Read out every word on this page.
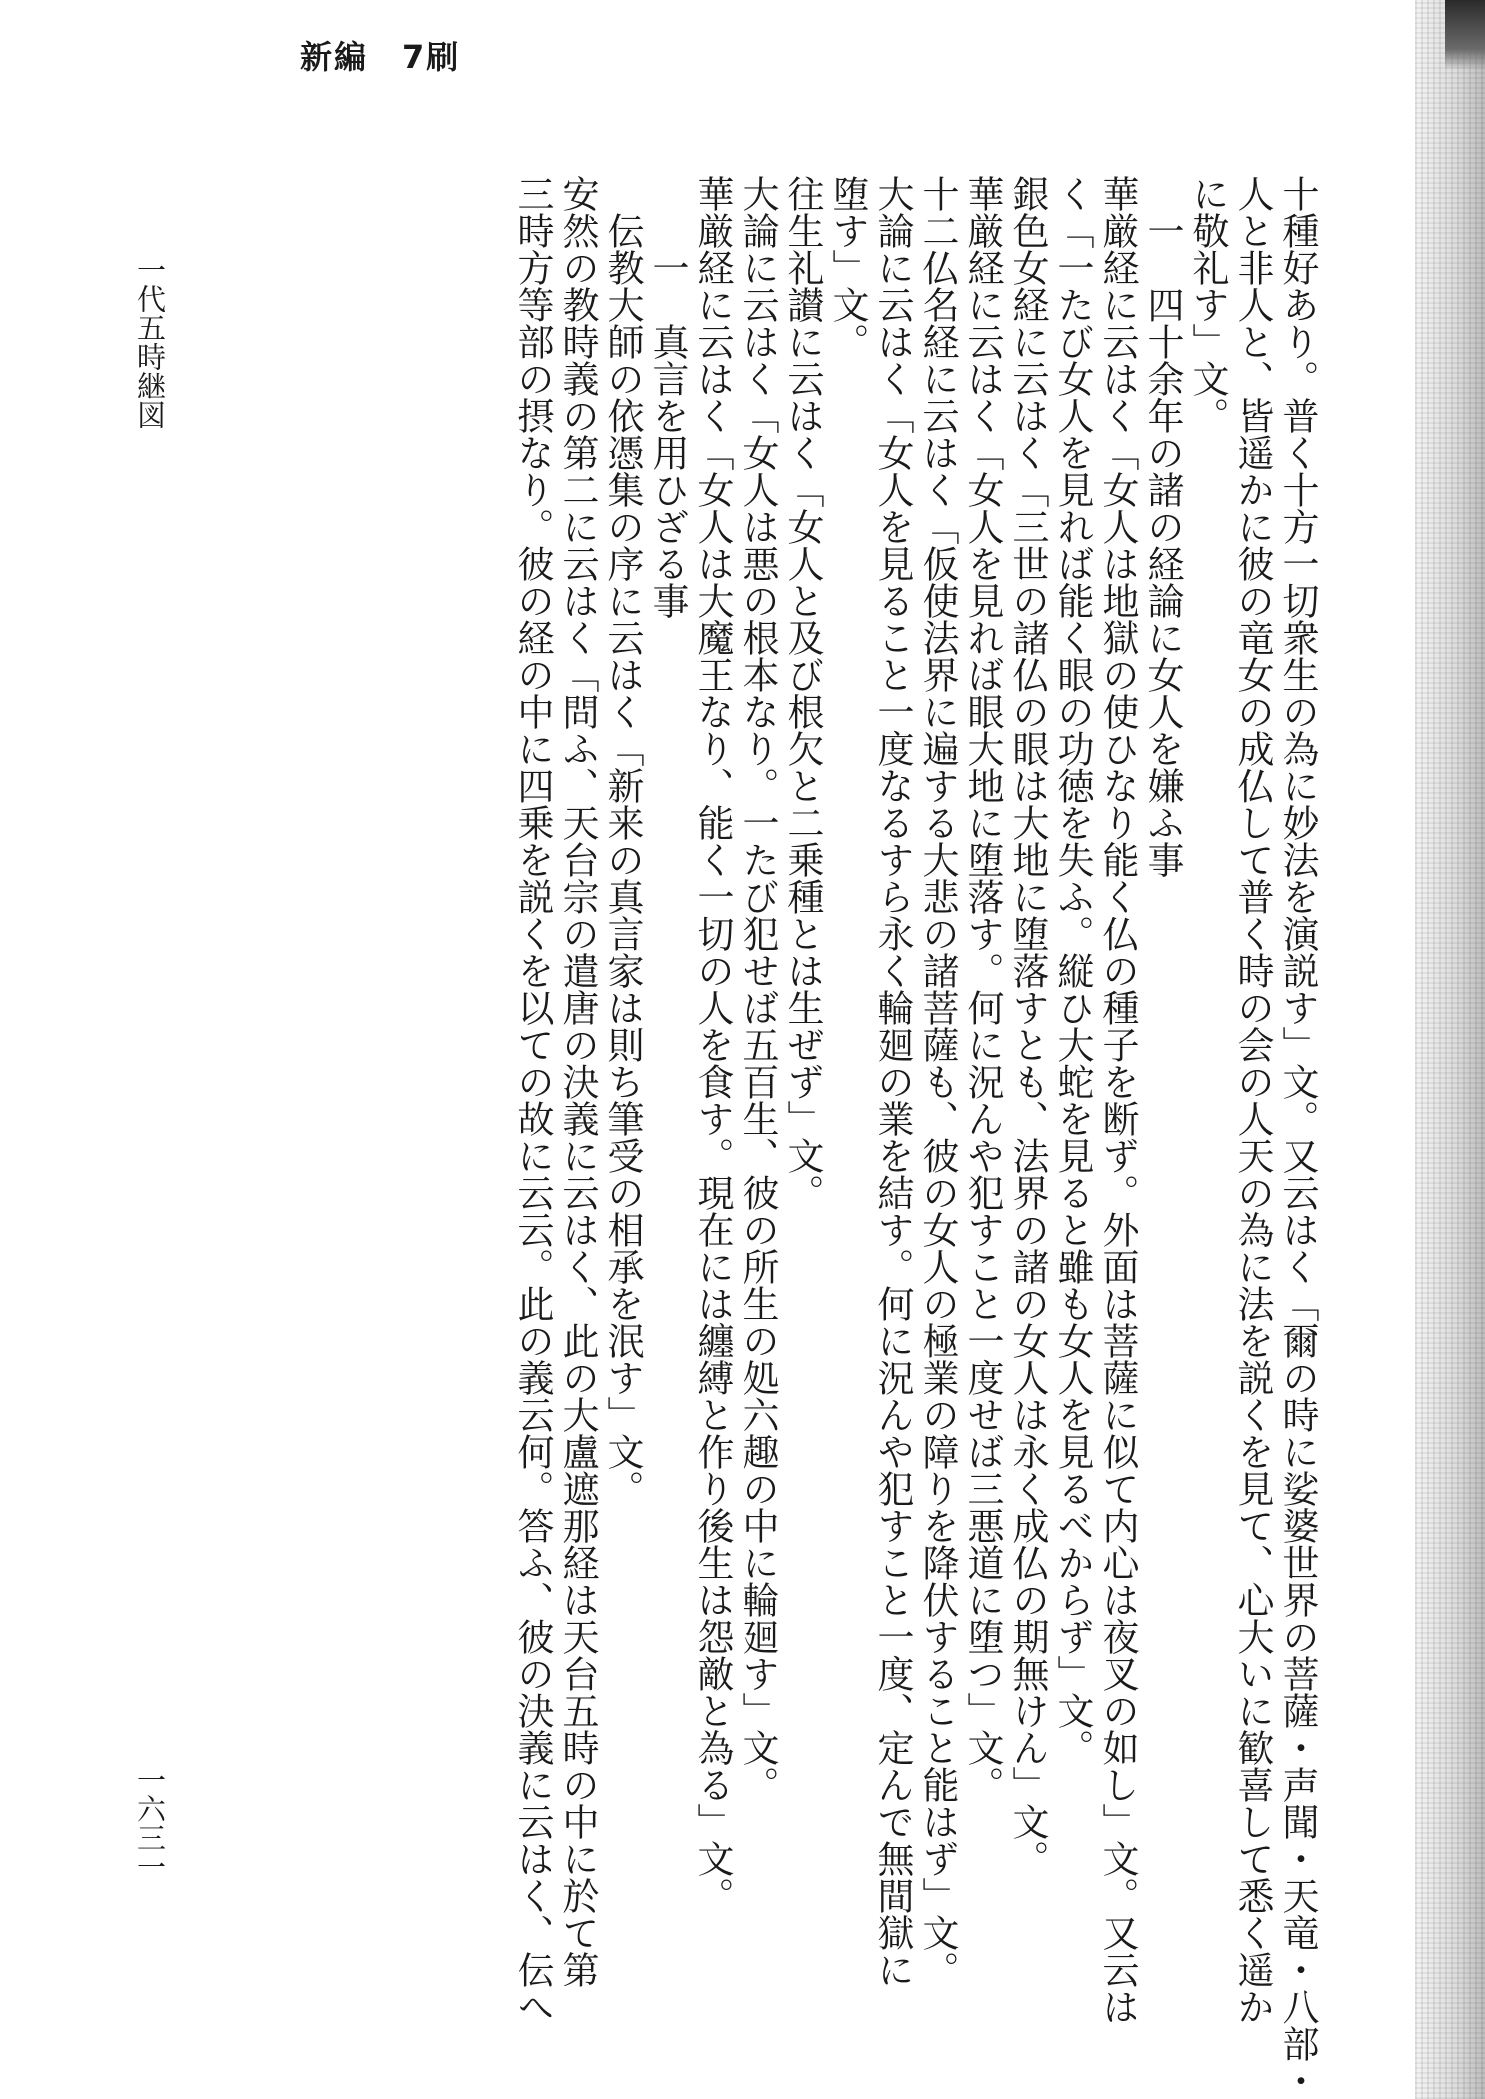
新編　7刷
十種好あり。普く十方一切衆生の為に妙法を演説す」文。又云はく「爾の時に娑婆世界の菩薩・声聞・天竜・八部・
人と非人と、皆遥かに彼の竜女の成仏して普く時の会の人天の為に法を説くを見て、心大いに歓喜して悉く遥か
に敬礼す」文。
一　四十余年の諸の経論に女人を嫌ふ事
華厳経に云はく「女人は地獄の使ひなり能く仏の種子を断ず。外面は菩薩に似て内心は夜叉の如し」文。又云は
く「一たび女人を見れば能く眼の功徳を失ふ。縦ひ大蛇を見ると雖も女人を見るべからず」文。
銀色女経に云はく「三世の諸仏の眼は大地に堕落すとも、法界の諸の女人は永く成仏の期無けん」文。
華厳経に云はく「女人を見れば眼大地に堕落す。何に況んや犯すこと一度せば三悪道に堕つ」文。
十二仏名経に云はく「仮使法界に遍する大悲の諸菩薩も、彼の女人の極業の障りを降伏すること能はず」文。
大論に云はく「女人を見ること一度なるすら永く輪廻の業を結す。何に況んや犯すこと一度、定んで無間獄に
堕す」文。
往生礼讃に云はく「女人と及び根欠と二乗種とは生ぜず」文。
大論に云はく「女人は悪の根本なり。一たび犯せば五百生、彼の所生の処六趣の中に輪廻す」文。
華厳経に云はく「女人は大魔王なり、能く一切の人を食す。現在には纏縛と作り後生は怨敵と為る」文。
一　真言を用ひざる事
伝教大師の依憑集の序に云はく「新来の真言家は則ち筆受の相承を泯す」文。
安然の教時義の第二に云はく「問ふ、天台宗の遣唐の決義に云はく、此の大盧遮那経は天台五時の中に於て第
三時方等部の摂なり。彼の経の中に四乗を説くを以ての故に云云。此の義云何。答ふ、彼の決義に云はく、伝へ
一代五時継図
一六三一
